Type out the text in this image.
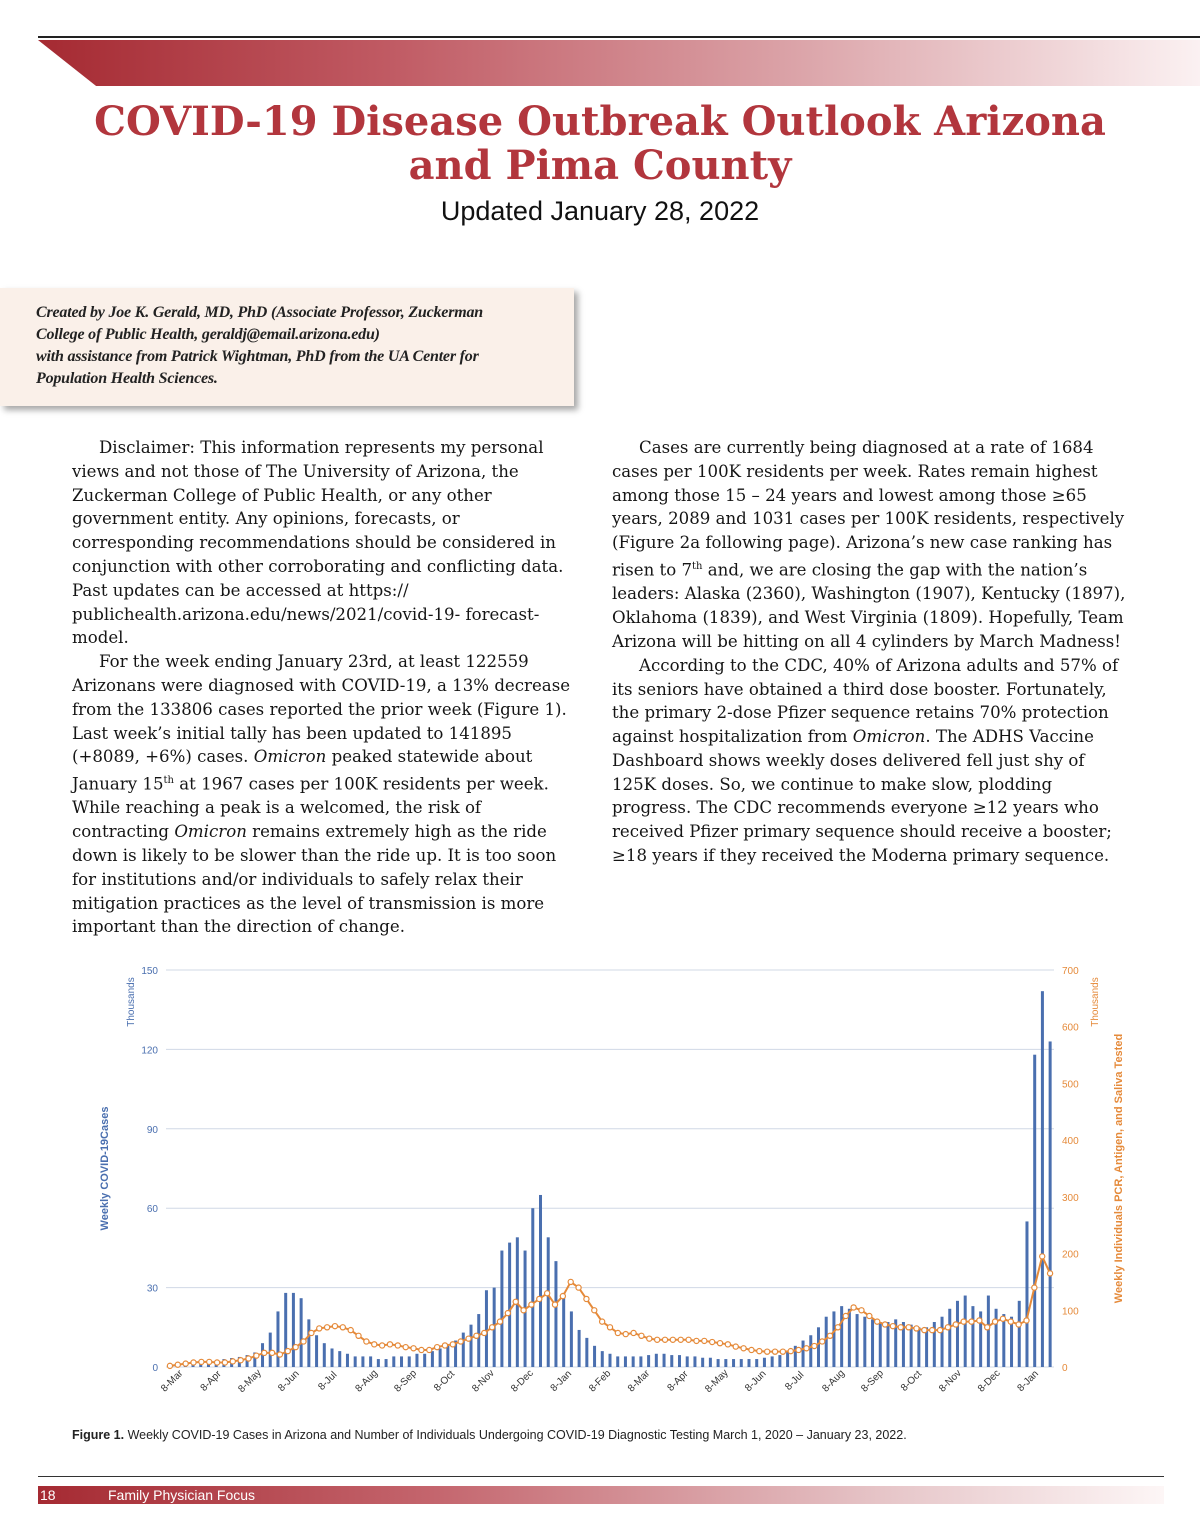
COVID-19 Disease Outbreak Outlook Arizona
and Pima County
Updated January 28, 2022

Created by Joe K. Gerald, MD, PhD (Associate Professor, Zuckerman

College of Public Health, geraldj@email.arizona.edu)

with assistance from Patrick Wightman, PhD from the UA Center for

Population Health Sciences.

Disclaimer: This information represents my personal views and not those of The University of Arizona, the Zuckerman College of Public Health, or any other government entity. Any opinions, forecasts, or corresponding recommendations should be considered in conjunction with other corroborating and conflicting data. Past updates can be accessed at https:// publichealth.arizona.edu/news/2021/covid-19- forecast-model.

For the week ending January 23rd, at least 122559 Arizonans were diagnosed with COVID-19, a 13% decrease from the 133806 cases reported the prior week (Figure 1). Last week’s initial tally has been updated to 141895 (+8089, +6%) cases. Omicron peaked statewide about January 15th at 1967 cases per 100K residents per week. While reaching a peak is a welcomed, the risk of contracting Omicron remains extremely high as the ride down is likely to be slower than the ride up. It is too soon for institutions and/or individuals to safely relax their mitigation practices as the level of transmission is more important than the direction of change.

Cases are currently being diagnosed at a rate of 1684 cases per 100K residents per week. Rates remain highest among those 15 – 24 years and lowest among those ≥65 years, 2089 and 1031 cases per 100K residents, respectively (Figure 2a following page). Arizona’s new case ranking has risen to 7th and, we are closing the gap with the nation’s leaders: Alaska (2360), Washington (1907), Kentucky (1897), Oklahoma (1839), and West Virginia (1809). Hopefully, Team Arizona will be hitting on all 4 cylinders by March Madness!

According to the CDC, 40% of Arizona adults and 57% of its seniors have obtained a third dose booster. Fortunately, the primary 2-dose Pfizer sequence retains 70% protection against hospitalization from Omicron. The ADHS Vaccine Dashboard shows weekly doses delivered fell just shy of 125K doses. So, we continue to make slow, plodding progress. The CDC recommends everyone ≥12 years who received Pfizer primary sequence should receive a booster; ≥18 years if they received the Moderna primary sequence.

0
30
60
90
120
150
0
100
200
300
400
500
600
700
Thousands
Weekly COVID-19Cases
Thousands
Weekly Individuals PCR, Antigen, and Saliva Tested
8-Mar 8-Apr 8-May 8-Jun 8-Jul 8-Aug 8-Sep 8-Oct 8-Nov 8-Dec 8-Jan 8-Feb 8-Mar 8-Apr 8-May 8-Jun 8-Jul 8-Aug 8-Sep 8-Oct 8-Nov 8-Dec 8-Jan
Figure 1. Weekly COVID-19 Cases in Arizona and Number of Individuals Undergoing COVID-19 Diagnostic Testing March 1, 2020 – January 23, 2022.
18	Family Physician Focus
